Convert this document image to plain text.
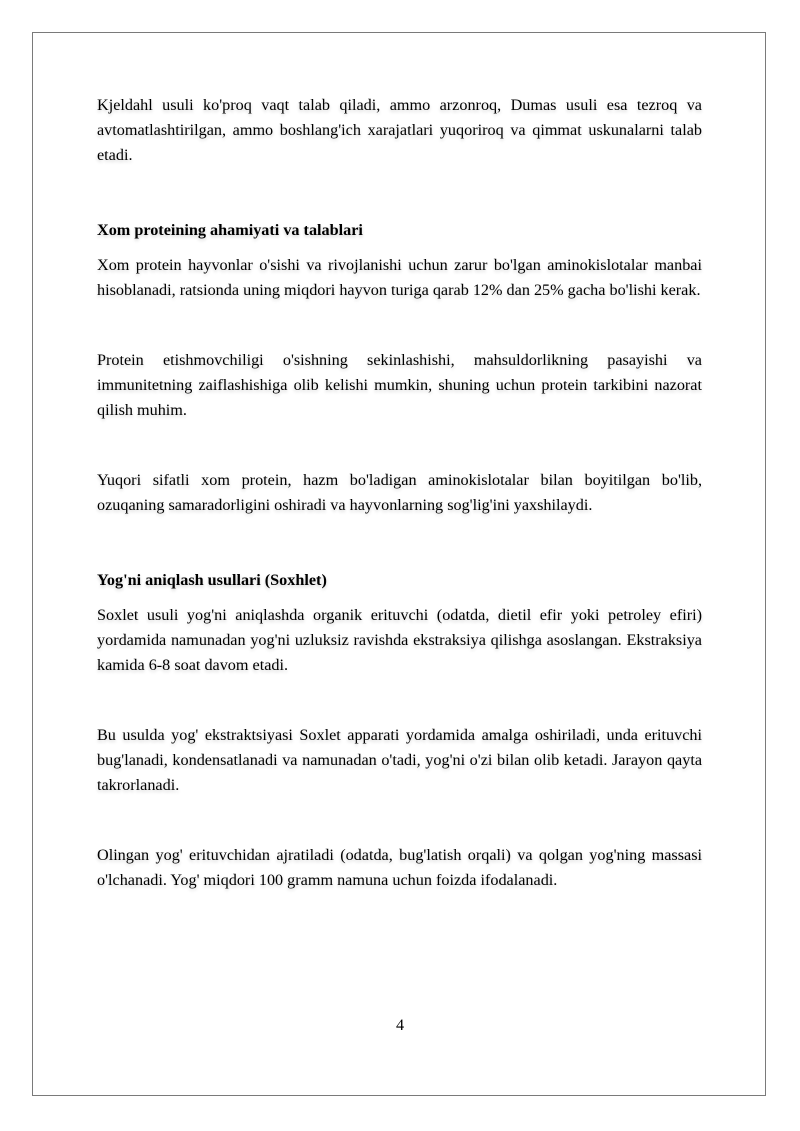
Kjeldahl usuli ko'proq vaqt talab qiladi, ammo arzonroq, Dumas usuli esa tezroq va avtomatlashtirilgan, ammo boshlang'ich xarajatlari yuqoriroq va qimmat uskunalarni talab etadi.

Xom proteining ahamiyati va talablari

Xom protein hayvonlar o'sishi va rivojlanishi uchun zarur bo'lgan aminokislotalar manbai hisoblanadi, ratsionda uning miqdori hayvon turiga qarab 12% dan 25% gacha bo'lishi kerak.

Protein etishmovchiligi o'sishning sekinlashishi, mahsuldorlikning pasayishi va immunitetning zaiflashishiga olib kelishi mumkin, shuning uchun protein tarkibini nazorat qilish muhim.

Yuqori sifatli xom protein, hazm bo'ladigan aminokislotalar bilan boyitilgan bo'lib, ozuqaning samaradorligini oshiradi va hayvonlarning sog'lig'ini yaxshilaydi.

Yog'ni aniqlash usullari (Soxhlet)

Soxlet usuli yog'ni aniqlashda organik erituvchi (odatda, dietil efir yoki petroley efiri) yordamida namunadan yog'ni uzluksiz ravishda ekstraksiya qilishga asoslangan. Ekstraksiya kamida 6-8 soat davom etadi.

Bu usulda yog' ekstraktsiyasi Soxlet apparati yordamida amalga oshiriladi, unda erituvchi bug'lanadi, kondensatlanadi va namunadan o'tadi, yog'ni o'zi bilan olib ketadi. Jarayon qayta takrorlanadi.

Olingan yog' erituvchidan ajratiladi (odatda, bug'latish orqali) va qolgan yog'ning massasi o'lchanadi. Yog' miqdori 100 gramm namuna uchun foizda ifodalanadi.

4
